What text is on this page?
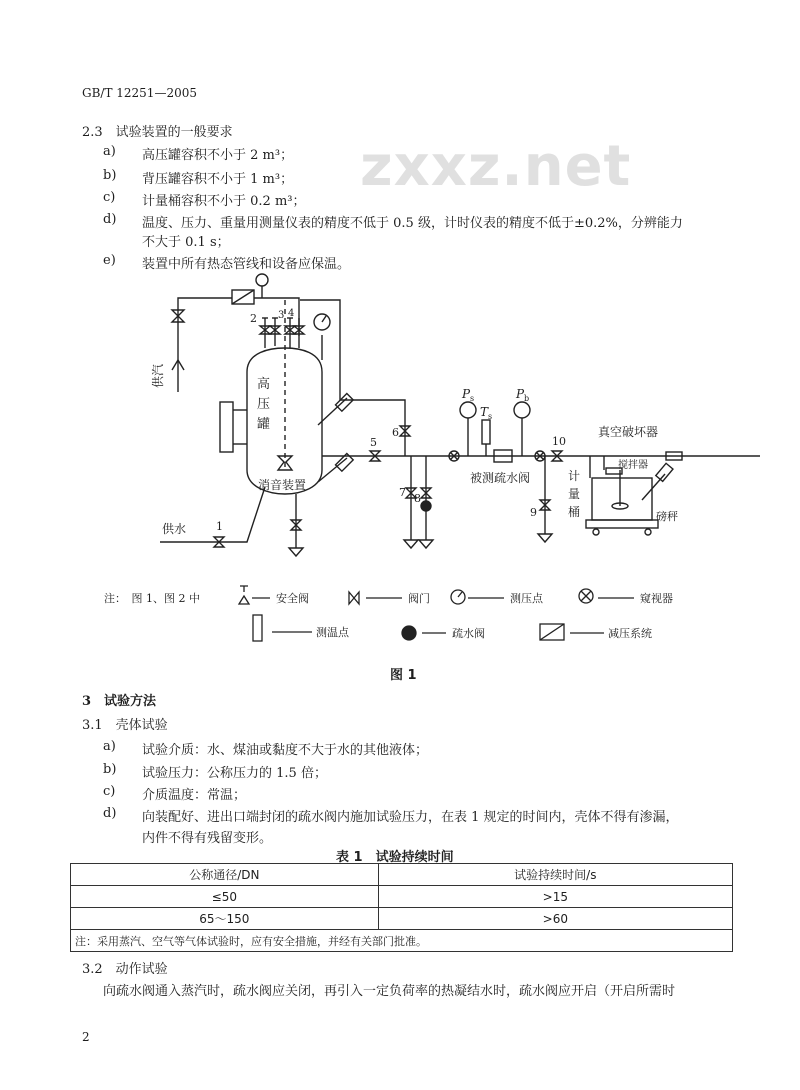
GB/T 12251—2005
zxxz.net
2.3　试验装置的一般要求
a) 高压罐容积不小于 2 m³；
b) 背压罐容积不小于 1 m³；
c) 计量桶容积不小于 0.2 m³；
d) 温度、压力、重量用测量仪表的精度不低于 0.5 级，计时仪表的精度不低于±0.2%，分辨能力
不大于 0.1 s；
e) 装置中所有热态管线和设备应保温。
供汽
供水
高
压
罐
消音装置	被测疏水阀
真空破坏器
搅拌器
计
量
桶	磅秤
P s
T s
P b
1
2 3 4
5
6
7 8
9
10
注：　图 1、图 2 中	安全阀	阀门	测压点	窥视器
测温点	疏水阀	减压系统
图 1
3　试验方法
3.1　壳体试验
a) 试验介质：水、煤油或黏度不大于水的其他液体；
b) 试验压力：公称压力的 1.5 倍；
c) 介质温度：常温；
d) 向装配好、进出口端封闭的疏水阀内施加试验压力，在表 1 规定的时间内，壳体不得有渗漏，
内件不得有残留变形。
表 1　试验持续时间
公称通径/DN	试验持续时间/s
≤50	>15
65～150	>60
注：采用蒸汽、空气等气体试验时，应有安全措施，并经有关部门批准。	
3.2　动作试验
向疏水阀通入蒸汽时，疏水阀应关闭，再引入一定负荷率的热凝结水时，疏水阀应开启（开启所需时
2
